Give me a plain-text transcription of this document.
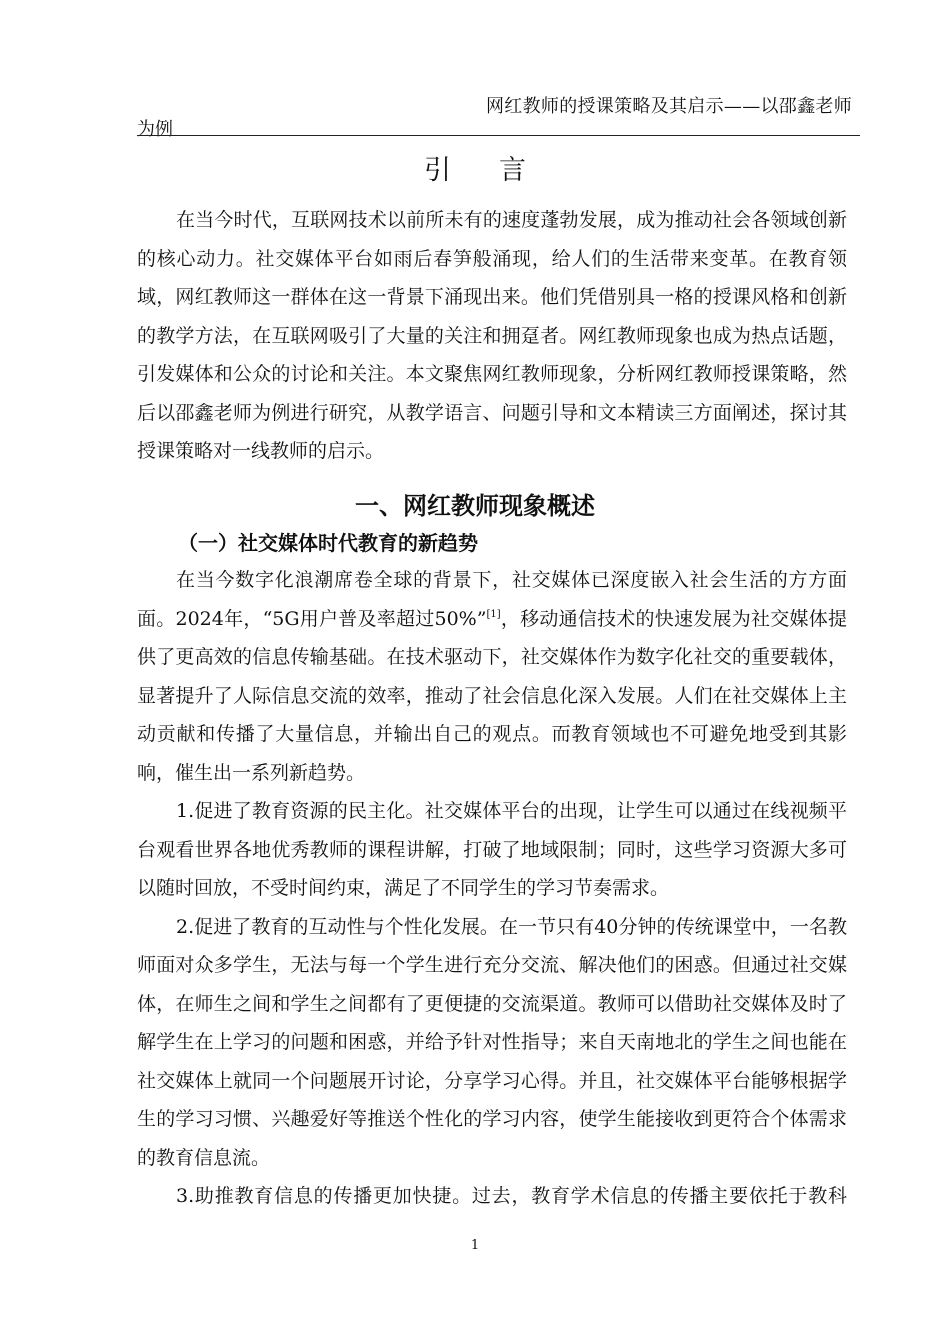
网红教师的授课策略及其启示——以邵鑫老师
为例
引言
在当今时代，互联网技术以前所未有的速度蓬勃发展，成为推动社会各领域创新
的核心动力。社交媒体平台如雨后春笋般涌现，给人们的生活带来变革。在教育领
域，网红教师这一群体在这一背景下涌现出来。他们凭借别具一格的授课风格和创新
的教学方法，在互联网吸引了大量的关注和拥趸者。网红教师现象也成为热点话题，
引发媒体和公众的讨论和关注。本文聚焦网红教师现象，分析网红教师授课策略，然
后以邵鑫老师为例进行研究，从教学语言、问题引导和文本精读三方面阐述，探讨其
授课策略对一线教师的启示。
一、网红教师现象概述
（一）社交媒体时代教育的新趋势
在当今数字化浪潮席卷全球的背景下，社交媒体已深度嵌入社会生活的方方面
面。2024年，“5G用户普及率超过50%”[1]，移动通信技术的快速发展为社交媒体提
供了更高效的信息传输基础。在技术驱动下，社交媒体作为数字化社交的重要载体，
显著提升了人际信息交流的效率，推动了社会信息化深入发展。人们在社交媒体上主
动贡献和传播了大量信息，并输出自己的观点。而教育领域也不可避免地受到其影
响，催生出一系列新趋势。
1.促进了教育资源的民主化。社交媒体平台的出现，让学生可以通过在线视频平
台观看世界各地优秀教师的课程讲解，打破了地域限制；同时，这些学习资源大多可
以随时回放，不受时间约束，满足了不同学生的学习节奏需求。
2.促进了教育的互动性与个性化发展。在一节只有40分钟的传统课堂中，一名教
师面对众多学生，无法与每一个学生进行充分交流、解决他们的困惑。但通过社交媒
体，在师生之间和学生之间都有了更便捷的交流渠道。教师可以借助社交媒体及时了
解学生在上学习的问题和困惑，并给予针对性指导；来自天南地北的学生之间也能在
社交媒体上就同一个问题展开讨论，分享学习心得。并且，社交媒体平台能够根据学
生的学习习惯、兴趣爱好等推送个性化的学习内容，使学生能接收到更符合个体需求
的教育信息流。
3.助推教育信息的传播更加快捷。过去，教育学术信息的传播主要依托于教科
1
